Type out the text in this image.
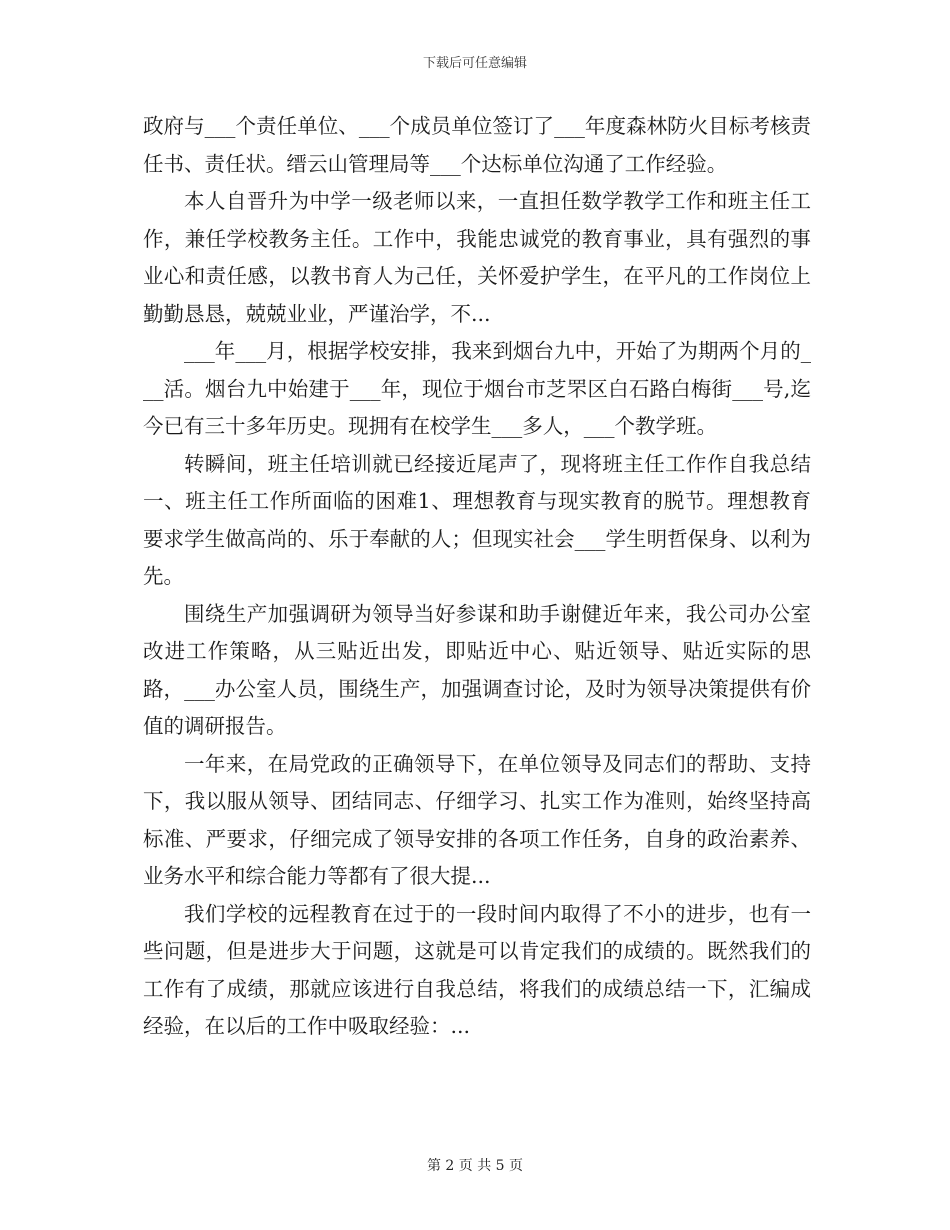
下载后可任意编辑

政府与___个责任单位、___个成员单位签订了___年度森林防火目标考核责任书、责任状。缙云山管理局等___个达标单位沟通了工作经验。

本人自晋升为中学一级老师以来，一直担任数学教学工作和班主任工作，兼任学校教务主任。工作中，我能忠诚党的教育事业，具有强烈的事业心和责任感，以教书育人为己任，关怀爱护学生，在平凡的工作岗位上勤勤恳恳，兢兢业业，严谨治学，不...

___年___月，根据学校安排，我来到烟台九中，开始了为期两个月的___活。烟台九中始建于___年，现位于烟台市芝罘区白石路白梅街___号,迄今已有三十多年历史。现拥有在校学生___多人，___个教学班。

转瞬间，班主任培训就已经接近尾声了，现将班主任工作作自我总结一、班主任工作所面临的困难1、理想教育与现实教育的脱节。理想教育要求学生做高尚的、乐于奉献的人；但现实社会___学生明哲保身、以利为先。

围绕生产加强调研为领导当好参谋和助手谢健近年来，我公司办公室改进工作策略，从三贴近出发，即贴近中心、贴近领导、贴近实际的思路，___办公室人员，围绕生产，加强调查讨论，及时为领导决策提供有价值的调研报告。

一年来，在局党政的正确领导下，在单位领导及同志们的帮助、支持下，我以服从领导、团结同志、仔细学习、扎实工作为准则，始终坚持高标准、严要求，仔细完成了领导安排的各项工作任务，自身的政治素养、业务水平和综合能力等都有了很大提...

我们学校的远程教育在过于的一段时间内取得了不小的进步，也有一些问题，但是进步大于问题，这就是可以肯定我们的成绩的。既然我们的工作有了成绩，那就应该进行自我总结，将我们的成绩总结一下，汇编成经验，在以后的工作中吸取经验：...

第 2 页 共 5 页
